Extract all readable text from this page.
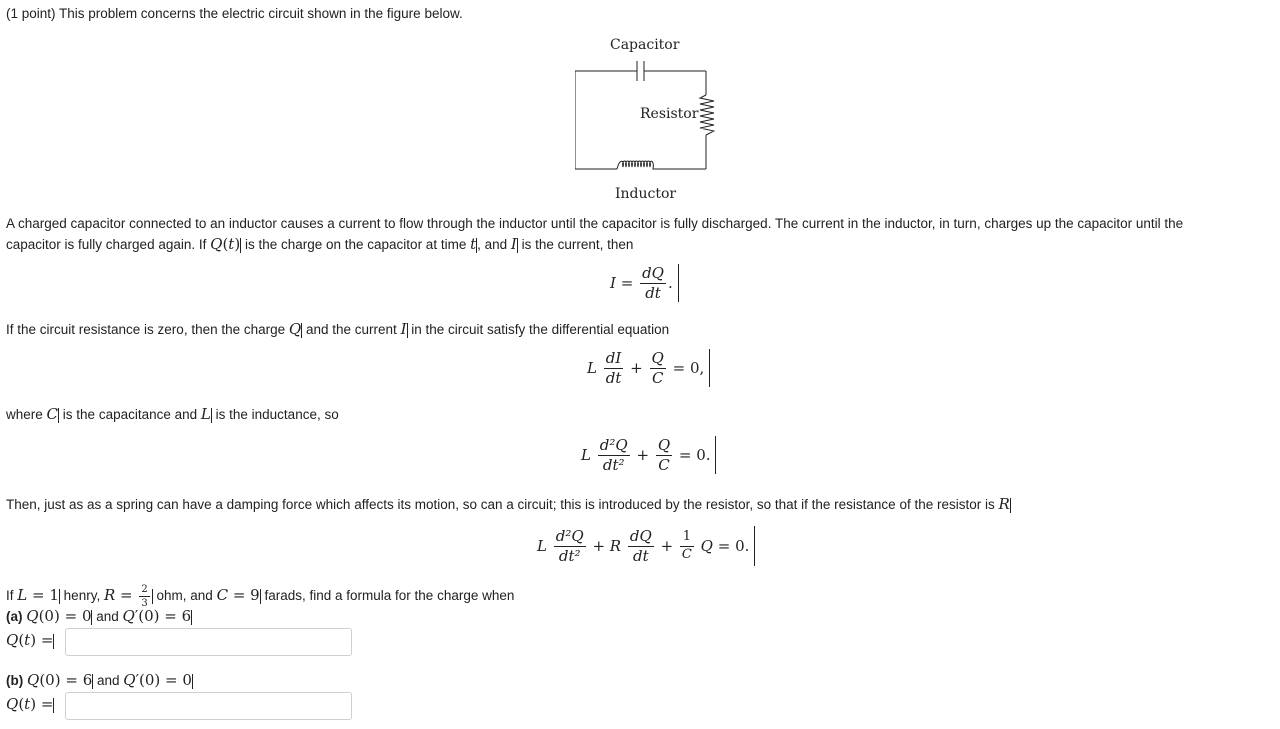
(1 point) This problem concerns the electric circuit shown in the figure below.
Capacitor
Resistor
Inductor
A charged capacitor connected to an inductor causes a current to flow through the inductor until the capacitor is fully discharged. The current in the inductor, in turn, charges up the capacitor until the
capacitor is fully charged again. If Q(t) is the charge on the capacitor at time t, and I is the current, then
$I = \frac{dQ}{dt}$ .
If the circuit resistance is zero, then the charge Q and the current I in the circuit satisfy the differential equation
L $\frac{dI}{dt} + \frac{Q}{C} = 0$,
where C is the capacitance and L is the inductance, so
L $\frac{\text{d²Q}}{\text{dt²}} + \frac{Q}{C} = 0$.
Then, just as as a spring can have a damping force which affects its motion, so can a circuit; this is introduced by the resistor, so that if the resistance of the resistor is R
L $\frac{\text{d²Q}}{\text{dt²}} + R \frac{dQ}{dt} + \frac{1}{C}$ Q = 0.
If L = 1 henry, $R = \frac{2}{3}$ ohm, and C = 9 farads, find a formula for the charge when
(a) Q(0) = 0 and Q′(0) = 6
Q(t) =
(b) Q(0) = 6 and Q′(0) = 0
Q(t) =
